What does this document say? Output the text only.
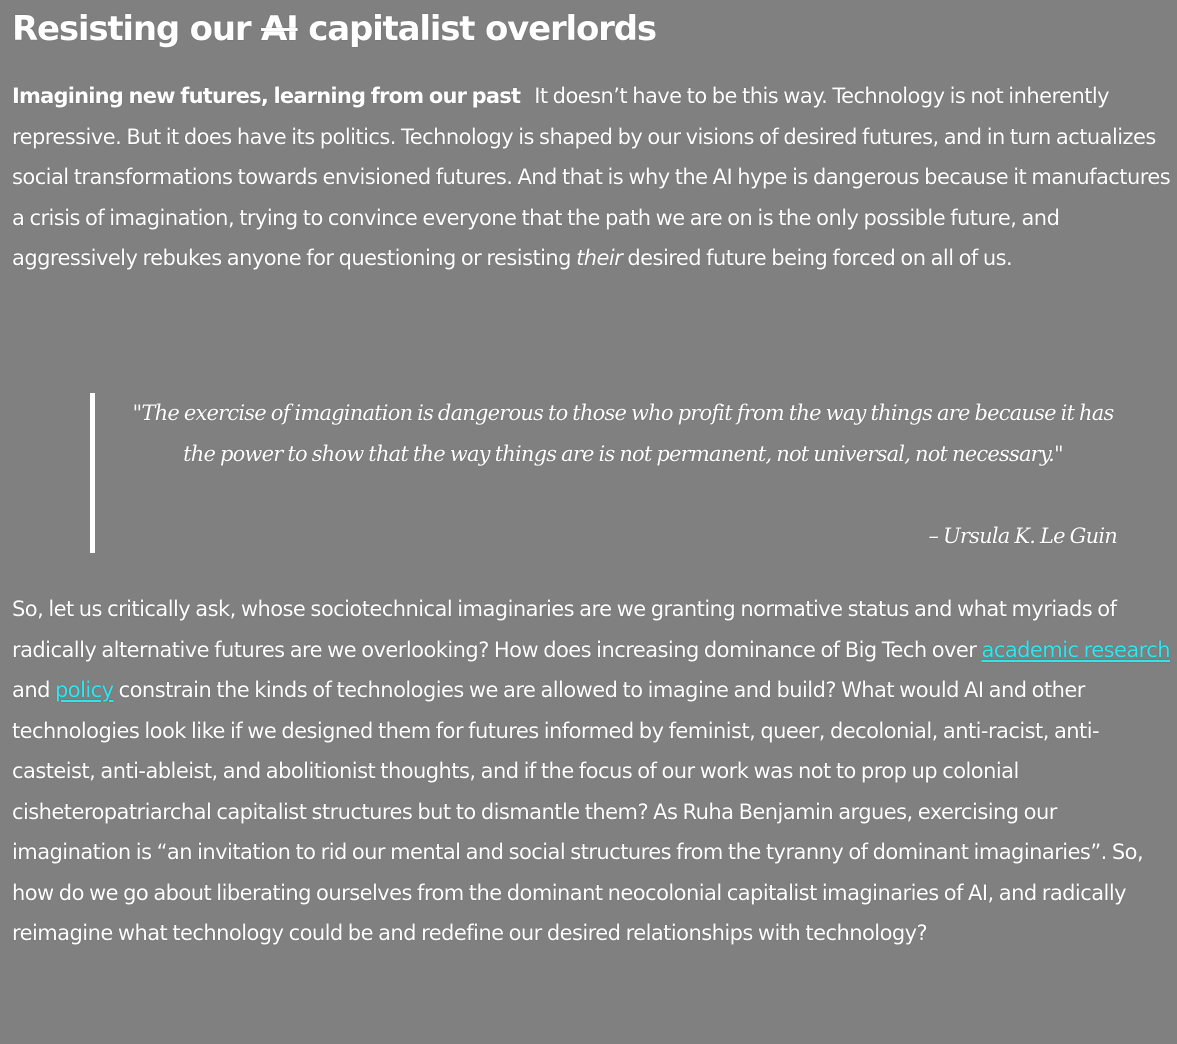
Resisting our AI capitalist overlords

Imagining new futures, learning from our past It doesn’t have to be this way. Technology is not inherently repressive. But it does have its politics. Technology is shaped by our visions of desired futures, and in turn actualizes social transformations towards envisioned futures. And that is why the AI hype is dangerous because it manufactures a crisis of imagination, trying to convince everyone that the path we are on is the only possible future, and aggressively rebukes anyone for questioning or resisting their desired future being forced on all of us.

"The exercise of imagination is dangerous to those who profit from the way things are because it has the power to show that the way things are is not permanent, not universal, not necessary."

– Ursula K. Le Guin

So, let us critically ask, whose sociotechnical imaginaries are we granting normative status and what myriads of radically alternative futures are we overlooking? How does increasing dominance of Big Tech over academic research and policy constrain the kinds of technologies we are allowed to imagine and build? What would AI and other technologies look like if we designed them for futures informed by feminist, queer, decolonial, anti-racist, anti-casteist, anti-ableist, and abolitionist thoughts, and if the focus of our work was not to prop up colonial cisheteropatriarchal capitalist structures but to dismantle them? As Ruha Benjamin argues, exercising our imagination is “an invitation to rid our mental and social structures from the tyranny of dominant imaginaries”. So, how do we go about liberating ourselves from the dominant neocolonial capitalist imaginaries of AI, and radically reimagine what technology could be and redefine our desired relationships with technology?
